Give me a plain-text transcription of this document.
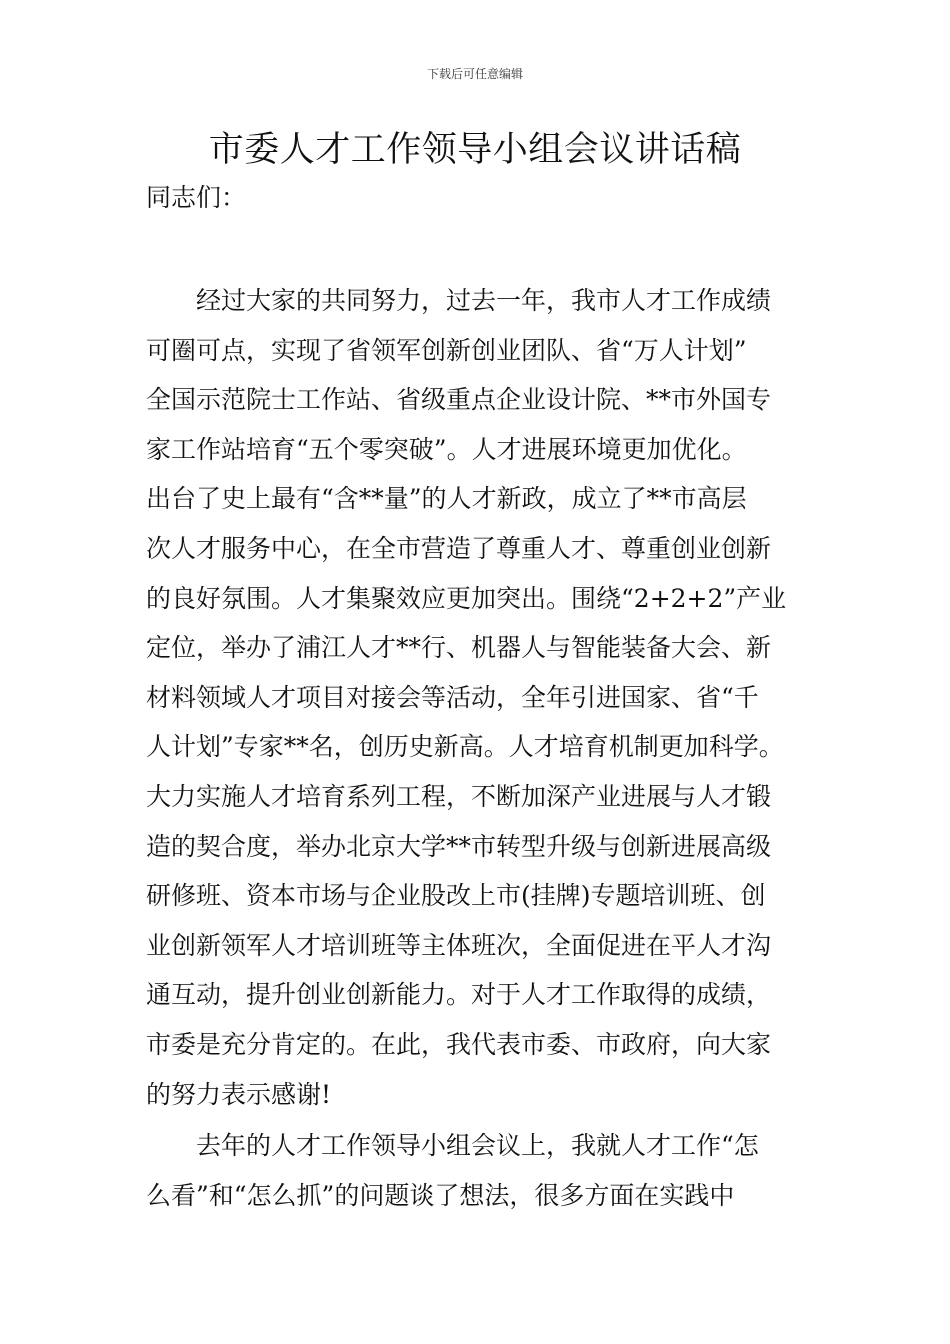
下载后可任意编辑
市委人才工作领导小组会议讲话稿
同志们：
　　经过大家的共同努力，过去一年，我市人才工作成绩
可圈可点，实现了省领军创新创业团队、省“万人计划”
全国示范院士工作站、省级重点企业设计院、**市外国专
家工作站培育“五个零突破”。人才进展环境更加优化。
出台了史上最有“含**量”的人才新政，成立了**市高层
次人才服务中心，在全市营造了尊重人才、尊重创业创新
的良好氛围。人才集聚效应更加突出。围绕“2+2+2”产业
定位，举办了浦江人才**行、机器人与智能装备大会、新
材料领域人才项目对接会等活动，全年引进国家、省“千
人计划”专家**名，创历史新高。人才培育机制更加科学。
大力实施人才培育系列工程，不断加深产业进展与人才锻
造的契合度，举办北京大学**市转型升级与创新进展高级
研修班、资本市场与企业股改上市(挂牌)专题培训班、创
业创新领军人才培训班等主体班次，全面促进在平人才沟
通互动，提升创业创新能力。对于人才工作取得的成绩，
市委是充分肯定的。在此，我代表市委、市政府，向大家
的努力表示感谢!
　　去年的人才工作领导小组会议上，我就人才工作“怎
么看”和“怎么抓”的问题谈了想法，很多方面在实践中
